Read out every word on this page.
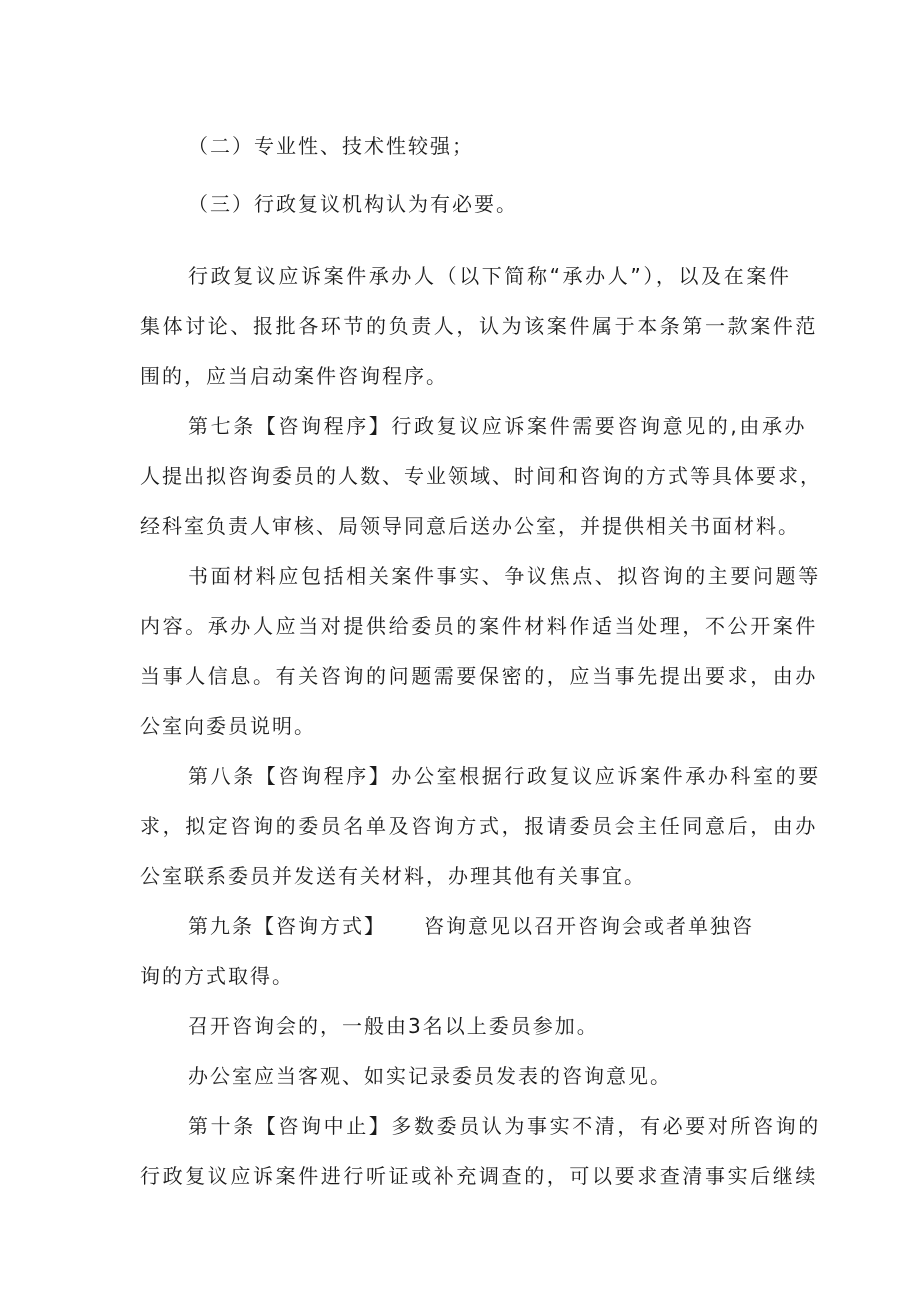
（二）专业性、技术性较强；
（三）行政复议机构认为有必要。
行政复议应诉案件承办人（以下简称“承办人”），以及在案件
集体讨论、报批各环节的负责人，认为该案件属于本条第一款案件范
围的，应当启动案件咨询程序。
第七条【咨询程序】行政复议应诉案件需要咨询意见的,由承办
人提出拟咨询委员的人数、专业领域、时间和咨询的方式等具体要求，
经科室负责人审核、局领导同意后送办公室，并提供相关书面材料。
书面材料应包括相关案件事实、争议焦点、拟咨询的主要问题等
内容。承办人应当对提供给委员的案件材料作适当处理，不公开案件
当事人信息。有关咨询的问题需要保密的，应当事先提出要求，由办
公室向委员说明。
第八条【咨询程序】办公室根据行政复议应诉案件承办科室的要
求，拟定咨询的委员名单及咨询方式，报请委员会主任同意后，由办
公室联系委员并发送有关材料，办理其他有关事宜。
第九条【咨询方式】 咨询意见以召开咨询会或者单独咨
询的方式取得。
召开咨询会的，一般由3名以上委员参加。
办公室应当客观、如实记录委员发表的咨询意见。
第十条【咨询中止】多数委员认为事实不清，有必要对所咨询的
行政复议应诉案件进行听证或补充调查的，可以要求查清事实后继续
